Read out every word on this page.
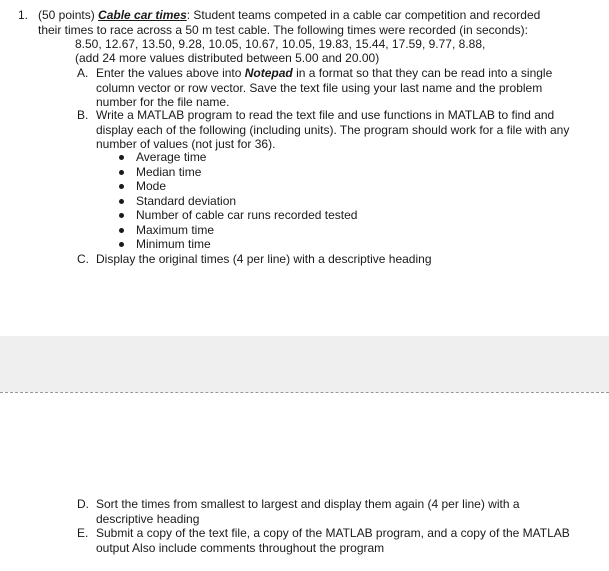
1. (50 points) Cable car times: Student teams competed in a cable car competition and recorded
their times to race across a 50 m test cable. The following times were recorded (in seconds):
8.50, 12.67, 13.50, 9.28, 10.05, 10.67, 10.05, 19.83, 15.44, 17.59, 9.77, 8.88,
(add 24 more values distributed between 5.00 and 20.00)
A. Enter the values above into Notepad in a format so that they can be read into a single column vector or row vector. Save the text file using your last name and the problem number for the file name.
B. Write a MATLAB program to read the text file and use functions in MATLAB to find and display each of the following (including units). The program should work for a file with any number of values (not just for 36).
Average time
Median time
Mode
Standard deviation
Number of cable car runs recorded tested
Maximum time
Minimum time
C. Display the original times (4 per line) with a descriptive heading
D. Sort the times from smallest to largest and display them again (4 per line) with a descriptive heading
E. Submit a copy of the text file, a copy of the MATLAB program, and a copy of the MATLAB output Also include comments throughout the program
